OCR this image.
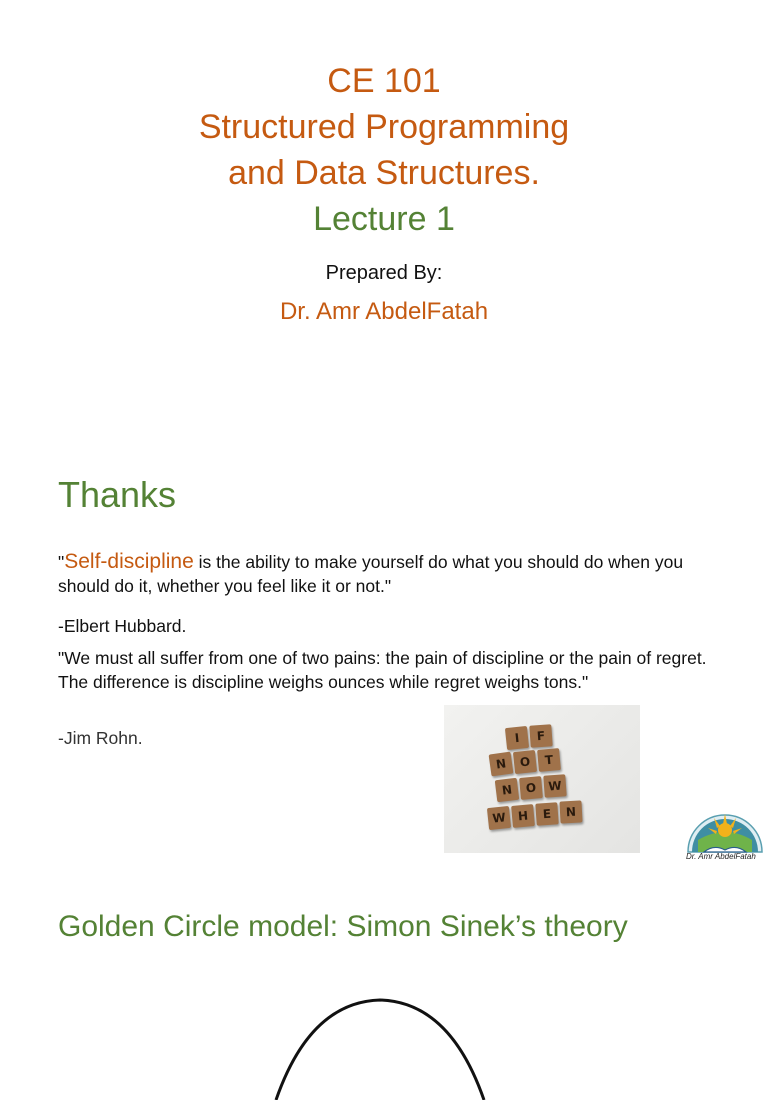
CE 101
Structured Programming
and Data Structures.
Lecture 1
Prepared By:
Dr. Amr AbdelFatah
Thanks
"Self-discipline is the ability to make yourself do what you should do when you should do it, whether you feel like it or not."
-Elbert Hubbard.
"We must all suffer from one of two pains: the pain of discipline or the pain of regret. The difference is discipline weighs ounces while regret weighs tons."
-Jim Rohn.	I	F
N	O	T
N	O W
W H	E	N
Dr. Amr AbdelFatah
Golden Circle model: Simon Sinek’s theory
